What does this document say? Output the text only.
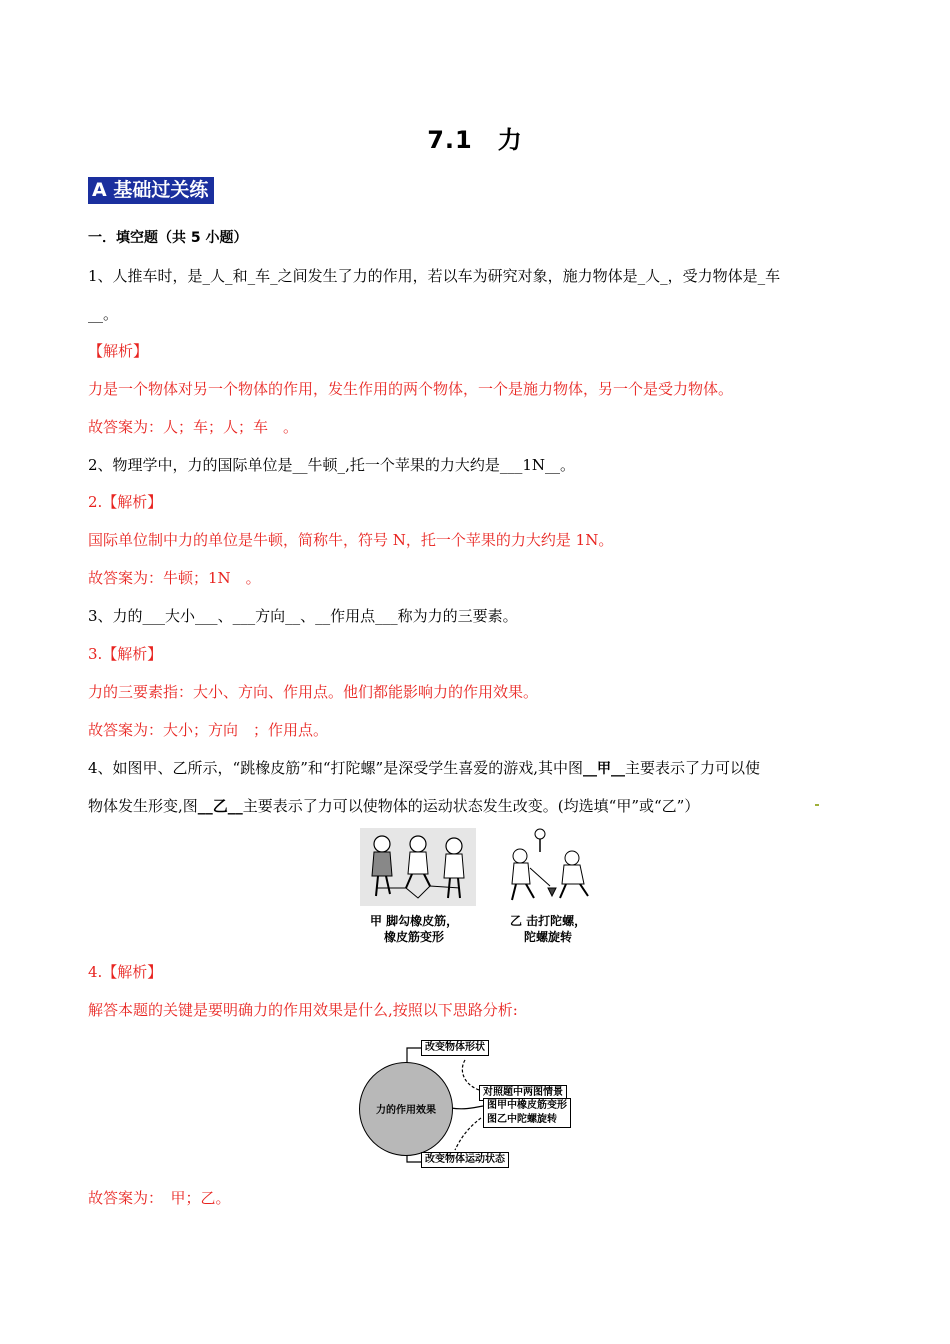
7.1　力
A 基础过关练
一．填空题（共 5 小题）
1、人推车时，是_人_和_车_之间发生了力的作用，若以车为研究对象，施力物体是_人_，受力物体是_车
__。
【解析】
力是一个物体对另一个物体的作用，发生作用的两个物体，一个是施力物体，另一个是受力物体。
故答案为：人；车；人；车　。
2、物理学中，力的国际单位是__牛顿_,托一个苹果的力大约是___1N__。
2.【解析】
国际单位制中力的单位是牛顿，简称牛，符号 N，托一个苹果的力大约是 1N。
故答案为：牛顿；1N　。
3、力的___大小___、___方向__、__作用点___称为力的三要素。
3.【解析】
力的三要素指：大小、方向、作用点。他们都能影响力的作用效果。
故答案为：大小；方向　；作用点。
4、如图甲、乙所示，“跳橡皮筋”和“打陀螺”是深受学生喜爱的游戏,其中图__甲__主要表示了力可以使
物体发生形变,图__乙__主要表示了力可以使物体的运动状态发生改变。(均选填“甲”或“乙”）
甲 脚勾橡皮筋，
橡皮筋变形
乙 击打陀螺，
陀螺旋转
4.【解析】
解答本题的关键是要明确力的作用效果是什么,按照以下思路分析:
力的作用效果
改变物体形状
对照题中两图情景
图甲中橡皮筋变形
图乙中陀螺旋转
改变物体运动状态
故答案为：　甲；乙。
